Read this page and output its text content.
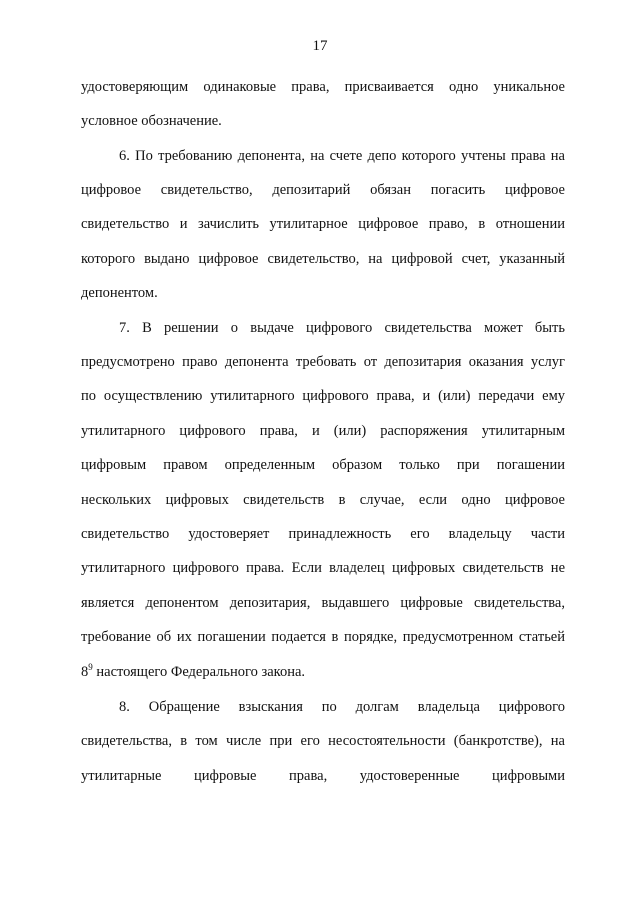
17
удостоверяющим одинаковые права, присваивается одно уникальное
условное обозначение.
6. По требованию депонента, на счете депо которого учтены права на
цифровое свидетельство, депозитарий обязан погасить цифровое
свидетельство и зачислить утилитарное цифровое право, в отношении
которого выдано цифровое свидетельство, на цифровой счет, указанный
депонентом.
7. В решении о выдаче цифрового свидетельства может быть
предусмотрено право депонента требовать от депозитария оказания услуг
по осуществлению утилитарного цифрового права, и (или) передачи ему
утилитарного цифрового права, и (или) распоряжения утилитарным
цифровым правом определенным образом только при погашении
нескольких цифровых свидетельств в случае, если одно цифровое
свидетельство удостоверяет принадлежность его владельцу части
утилитарного цифрового права. Если владелец цифровых свидетельств не
является депонентом депозитария, выдавшего цифровые свидетельства,
требование об их погашении подается в порядке, предусмотренном статьей
$8^9$ настоящего Федерального закона.
8. Обращение взыскания по долгам владельца цифрового
свидетельства, в том числе при его несостоятельности (банкротстве), на
утилитарные цифровые права, удостоверенные цифровыми
